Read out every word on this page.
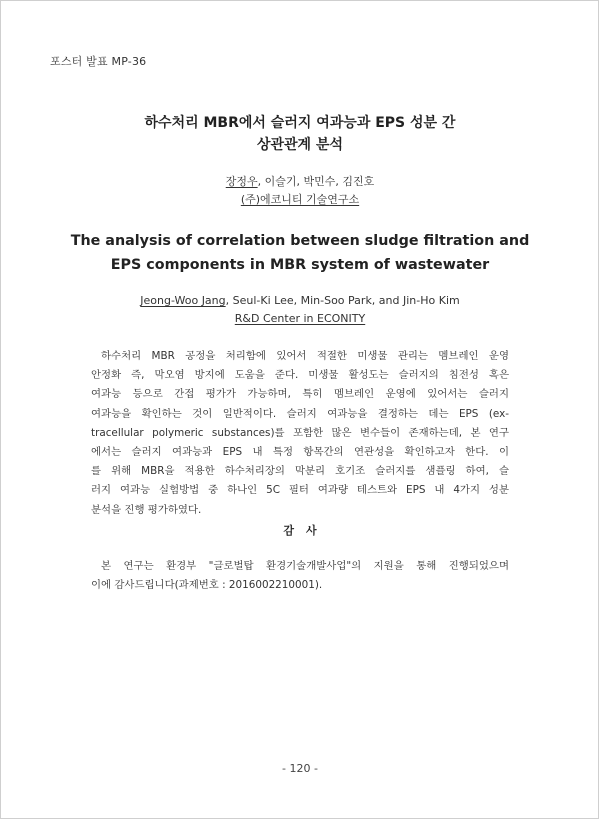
포스터 발표 MP-36
하수처리 MBR에서 슬러지 여과능과 EPS 성분 간
상관관계 분석
장정우, 이슬기, 박민수, 김진호
(주)에코니티 기술연구소
The analysis of correlation between sludge filtration and
EPS components in MBR system of wastewater
Jeong-Woo Jang, Seul-Ki Lee, Min-Soo Park, and Jin-Ho Kim
R&D Center in ECONITY
하수처리 MBR 공정을 처리함에 있어서 적절한 미생물 관리는 멤브레인 운영
안정화 즉, 막오염 방지에 도움을 준다. 미생물 활성도는 슬러지의 침전성 혹은
여과능 등으로 간접 평가가 가능하며, 특히 멤브레인 운영에 있어서는 슬러지
여과능을 확인하는 것이 일반적이다. 슬러지 여과능을 결정하는 데는 EPS (ex-
tracellular polymeric substances)를 포함한 많은 변수들이 존재하는데, 본 연구
에서는 슬러지 여과능과 EPS 내 특정 항목간의 연관성을 확인하고자 한다. 이
를 위해 MBR을 적용한 하수처리장의 막분리 호기조 슬러지를 샘플링 하여, 슬
러지 여과능 실험방법 중 하나인 5C 필터 여과량 테스트와 EPS 내 4가지 성분
분석을 진행 평가하였다.
감사
본 연구는 환경부 "글로벌탑 환경기술개발사업"의 지원을 통해 진행되었으며
이에 감사드립니다(과제번호 : 2016002210001).
- 120 -
